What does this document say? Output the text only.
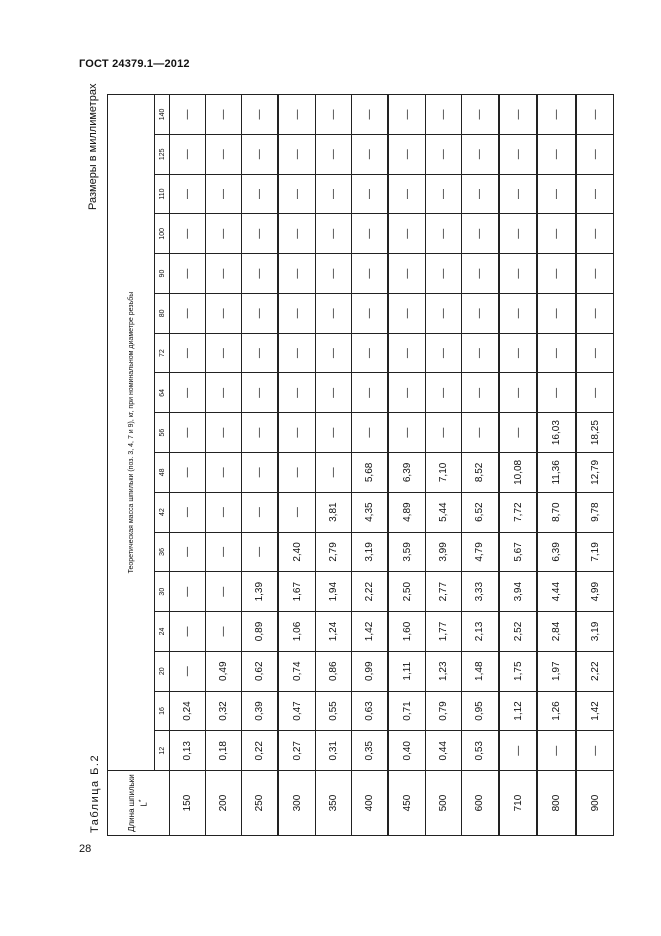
ГОСТ 24379.1—2012
Размеры в миллиметрах
Таблица Б.2
28
Длина шпильки L*	Теоретическая масса шпильки (поз. 3, 4, 7 и 9), кг, при номинальном диаметре резьбы																
	12	16	20	24	30	36	42	48	56	64	72	80	90	100	110	125	140
150	0,13	0,24	—	—	—	—	—	—	—	—	—	—	—	—	—	—	—
200	0,18	0,32	0,49	—	—	—	—	—	—	—	—	—	—	—	—	—	—
250	0,22	0,39	0,62	0,89	1,39	—	—	—	—	—	—	—	—	—	—	—	—
300	0,27	0,47	0,74	1,06	1,67	2,40	—	—	—	—	—	—	—	—	—	—	—
350	0,31	0,55	0,86	1,24	1,94	2,79	3,81	—	—	—	—	—	—	—	—	—	—
400	0,35	0,63	0,99	1,42	2,22	3,19	4,35	5,68	—	—	—	—	—	—	—	—	—
450	0,40	0,71	1,11	1,60	2,50	3,59	4,89	6,39	—	—	—	—	—	—	—	—	—
500	0,44	0,79	1,23	1,77	2,77	3,99	5,44	7,10	—	—	—	—	—	—	—	—	—
600	0,53	0,95	1,48	2,13	3,33	4,79	6,52	8,52	—	—	—	—	—	—	—	—	—
710	—	1,12	1,75	2,52	3,94	5,67	7,72	10,08	—	—	—	—	—	—	—	—	—
800	—	1,26	1,97	2,84	4,44	6,39	8,70	11,36	16,03	—	—	—	—	—	—	—	—
900	—	1,42	2,22	3,19	4,99	7,19	9,78	12,79	18,25	—	—	—	—	—	—	—	—
